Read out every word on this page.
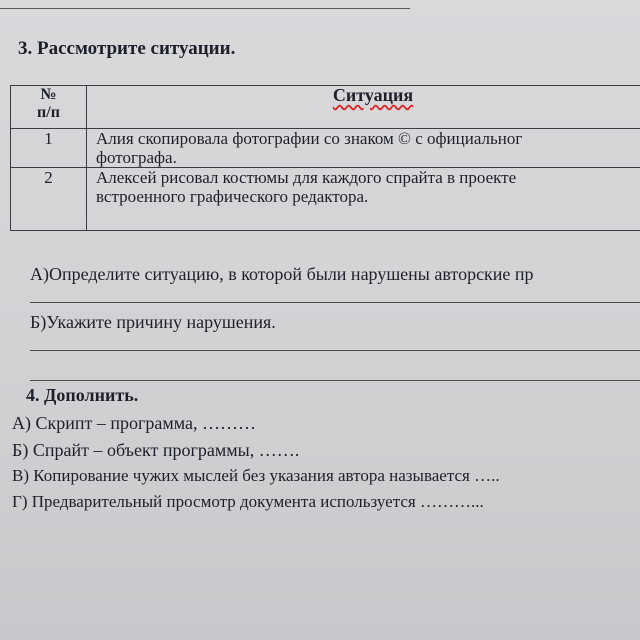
3. Рассмотрите ситуации.
№
п/п	Ситуация
1	Алия скопировала фотографии со знаком © с официальног
фотографа.

2	Алексей рисовал костюмы для каждого спрайта в проекте
встроенного графического редактора.
А)Определите ситуацию, в которой были нарушены авторские пр
Б)Укажите причину нарушения.
4. Дополнить.
А) Скрипт – программа, ………
Б) Спрайт – объект программы, …….
В) Копирование чужих мыслей без указания автора называется …..
Г) Предварительный просмотр документа используется ………...
